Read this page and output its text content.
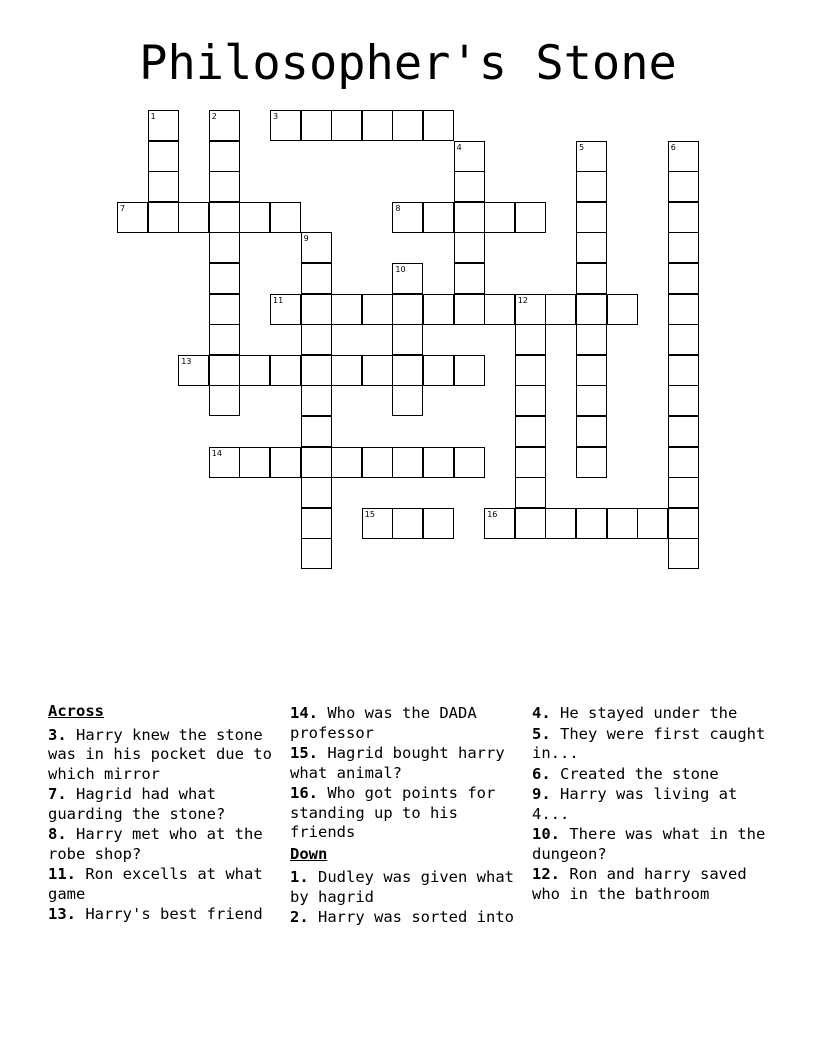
Philosopher's Stone
1	2	3
4	5	6
7	8
9
10
11	12
13
14
15	16
Across
3. Harry knew the stone was in his pocket due to which mirror
7. Hagrid had what guarding the stone?
8. Harry met who at the robe shop?
11. Ron excells at what game
13. Harry's best friend
14. Who was the DADA professor
15. Hagrid bought harry what animal?
16. Who got points for standing up to his friends
Down
1. Dudley was given what by hagrid
2. Harry was sorted into
4. He stayed under the
5. They were first caught in...
6. Created the stone
9. Harry was living at 4...
10. There was what in the dungeon?
12. Ron and harry saved who in the bathroom
